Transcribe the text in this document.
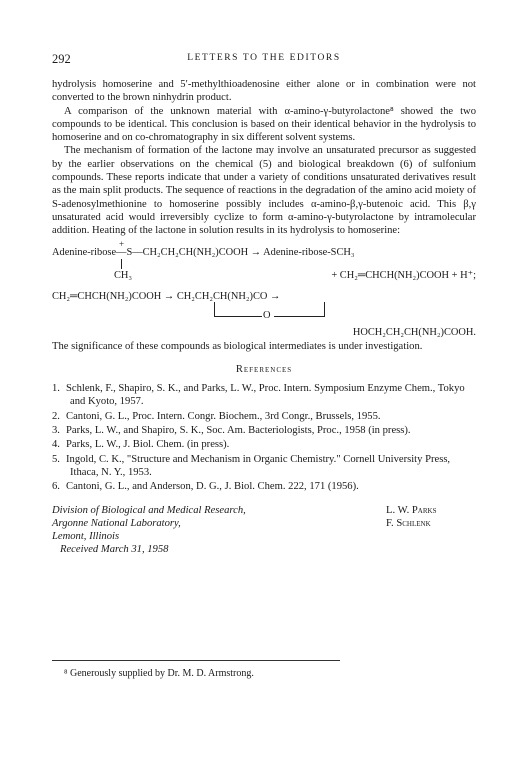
292	LETTERS TO THE EDITORS

hydrolysis homoserine and 5′-methylthioadenosine either alone or in combination were not converted to the brown ninhydrin product.

A comparison of the unknown material with α-amino-γ-butyrolactone⁸ showed the two compounds to be identical. This conclusion is based on their identical behavior in the hydrolysis to homoserine and on co-chromatography in six different solvent systems.

The mechanism of formation of the lactone may involve an unsaturated precursor as suggested by the earlier observations on the chemical (5) and biological breakdown (6) of sulfonium compounds. These reports indicate that under a variety of conditions unsaturated derivatives result as the main split products. The sequence of reactions in the degradation of the amino acid moiety of S-adenosylmethionine to homoserine possibly includes α-amino-β,γ-butenoic acid. This β,γ unsaturated acid would irreversibly cyclize to form α-amino-γ-butyrolactone by intramolecular addition. Heating of the lactone in solution results in its hydrolysis to homoserine:

+
Adenine-ribose—S—CH₂CH₂CH(NH₂)COOH → Adenine-ribose-SCH₃
CH₃	+ CH₂═CHCH(NH₂)COOH + H⁺;
CH₂═CHCH(NH₂)COOH → CH₂CH₂CH(NH₂)CO →
O
HOCH₂CH₂CH(NH₂)COOH.

The significance of these compounds as biological intermediates is under investigation.

References
1. Schlenk, F., Shapiro, S. K., and Parks, L. W., Proc. Intern. Symposium Enzyme Chem., Tokyo and Kyoto, 1957.
2. Cantoni, G. L., Proc. Intern. Congr. Biochem., 3rd Congr., Brussels, 1955.
3. Parks, L. W., and Shapiro, S. K., Soc. Am. Bacteriologists, Proc., 1958 (in press).
4. Parks, L. W., J. Biol. Chem. (in press).
5. Ingold, C. K., "Structure and Mechanism in Organic Chemistry." Cornell University Press, Ithaca, N. Y., 1953.
6. Cantoni, G. L., and Anderson, D. G., J. Biol. Chem. 222, 171 (1956).
Division of Biological and Medical Research,
Argonne National Laboratory,
Lemont, Illinois
Received March 31, 1958
L. W. Parks
F. Schlenk
⁸ Generously supplied by Dr. M. D. Armstrong.
